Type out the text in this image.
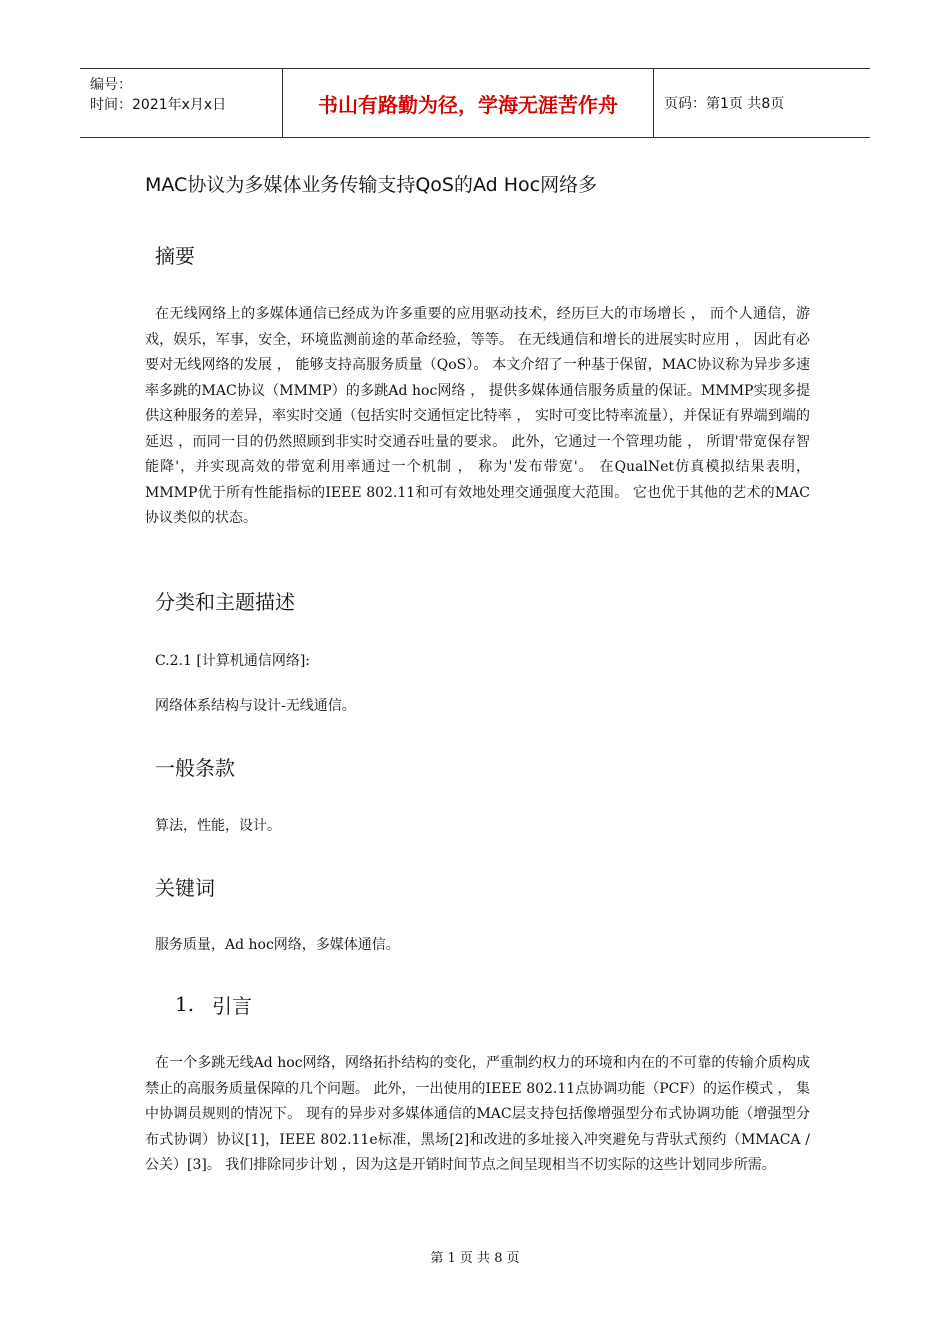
编号：
时间：2021年x月x日	书山有路勤为径，学海无涯苦作舟	页码：第1页 共8页
MAC协议为多媒体业务传输支持QoS的Ad Hoc网络多
摘要

在无线网络上的多媒体通信已经成为许多重要的应用驱动技术，经历巨大的市场增长 ， 而个人通信，游戏，娱乐，军事，安全，环境监测前途的革命经验，等等。 在无线通信和增长的进展实时应用 ， 因此有必要对无线网络的发展 ， 能够支持高服务质量（QoS）。 本文介绍了一种基于保留，MAC协议称为异步多速率多跳的MAC协议（MMMP）的多跳Ad hoc网络 ， 提供多媒体通信服务质量的保证。MMMP实现多提供这种服务的差异，率实时交通（包括实时交通恒定比特率 ， 实时可变比特率流量），并保证有界端到端的延迟 ，而同一目的仍然照顾到非实时交通吞吐量的要求。 此外，它通过一个管理功能 ， 所谓'带宽保存智能降'，并实现高效的带宽利用率通过一个机制 ， 称为'发布带宽'。 在QualNet仿真模拟结果表明，MMMP优于所有性能指标的IEEE 802.11和可有效地处理交通强度大范围。 它也优于其他的艺术的MAC协议类似的状态。

分类和主题描述

C.2.1 [计算机通信网络]:

网络体系结构与设计-无线通信。

一般条款

算法，性能，设计。

关键词

服务质量，Ad hoc网络，多媒体通信。

1. 引言

在一个多跳无线Ad hoc网络，网络拓扑结构的变化，严重制约权力的环境和内在的不可靠的传输介质构成禁止的高服务质量保障的几个问题。 此外，一出使用的IEEE 802.11点协调功能（PCF）的运作模式 ， 集中协调员规则的情况下。 现有的异步对多媒体通信的MAC层支持包括像增强型分布式协调功能（增强型分布式协调）协议[1]，IEEE 802.11e标准，黑场[2]和改进的多址接入冲突避免与背驮式预约（MMACA /公关）[3]。 我们排除同步计划 ，因为这是开销时间节点之间呈现相当不切实际的这些计划同步所需。

第 1 页 共 8 页
